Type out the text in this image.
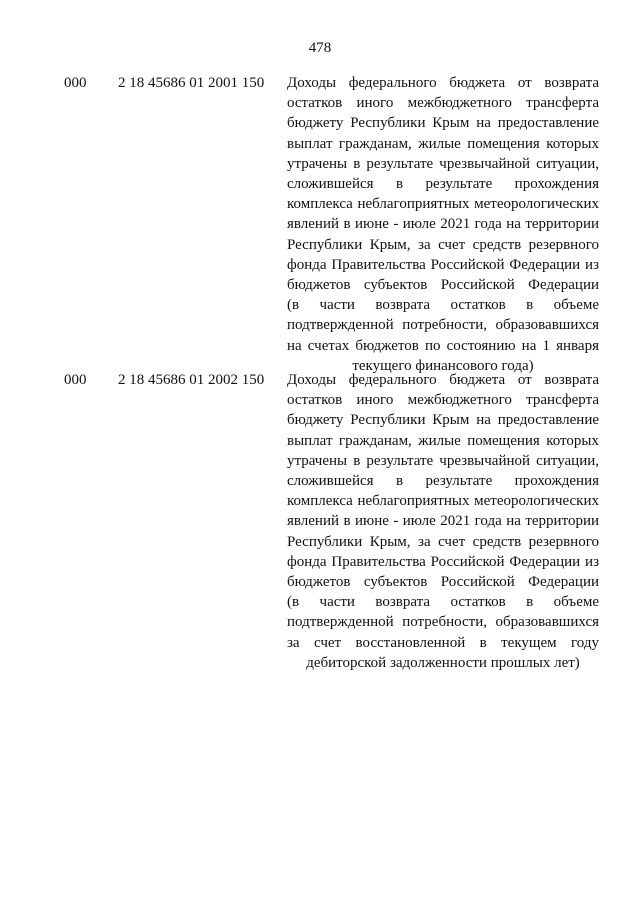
478
000 2 18 45686 01 2001 150 Доходы федерального бюджета от возврата
остатков иного межбюджетного трансферта
бюджету Республики Крым на предоставление
выплат гражданам, жилые помещения которых
утрачены в результате чрезвычайной ситуации,
сложившейся в результате прохождения
комплекса неблагоприятных метеорологических
явлений в июне - июле 2021 года на территории
Республики Крым, за счет средств резервного
фонда Правительства Российской Федерации из
бюджетов субъектов Российской Федерации
(в части возврата остатков в объеме
подтвержденной потребности, образовавшихся
на счетах бюджетов по состоянию на 1 января
текущего финансового года)
000 2 18 45686 01 2002 150 Доходы федерального бюджета от возврата
остатков иного межбюджетного трансферта
бюджету Республики Крым на предоставление
выплат гражданам, жилые помещения которых
утрачены в результате чрезвычайной ситуации,
сложившейся в результате прохождения
комплекса неблагоприятных метеорологических
явлений в июне - июле 2021 года на территории
Республики Крым, за счет средств резервного
фонда Правительства Российской Федерации из
бюджетов субъектов Российской Федерации
(в части возврата остатков в объеме
подтвержденной потребности, образовавшихся
за счет восстановленной в текущем году
дебиторской задолженности прошлых лет)
